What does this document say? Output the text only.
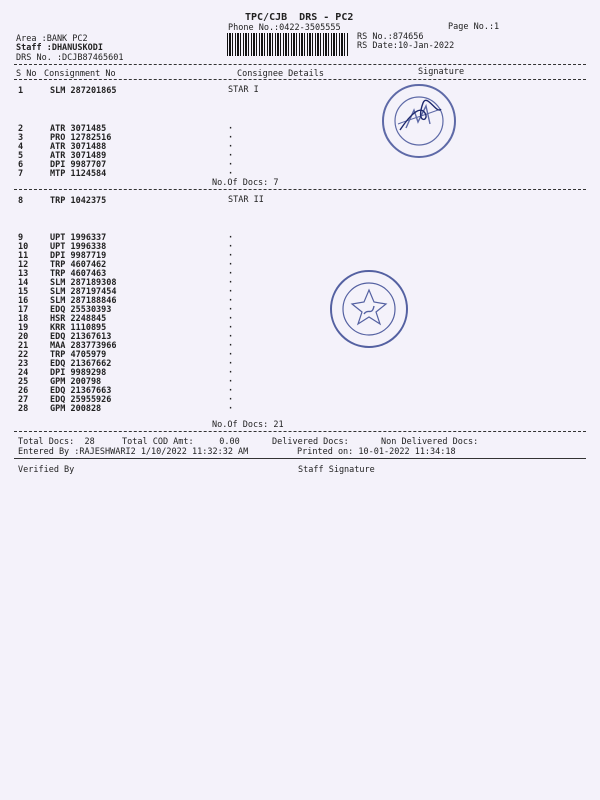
TPC/CJB  DRS - PC2
Phone No.:0422-3505555	Page No.:1
Area :BANK PC2
Staff :DHANUSKODI
RS No.:874656
RS Date:10-Jan-2022
DRS No. :DCJB87465601
S No Consignment No	Consignee Details	Signature
1	SLM 287201865	STAR I
2	ATR 3071485	·
3	PRO 12782516	·
4	ATR 3071488	·
5	ATR 3071489	·
6	DPI 9987707	·
7	MTP 1124584	·
No.Of Docs: 7
8	TRP 1042375	STAR II
9	UPT 1996337	·
10	UPT 1996338	·
11	DPI 9987719	·
12	TRP 4607462	·
13	TRP 4607463	·
14	SLM 287189308	·
15	SLM 287197454	·
16	SLM 287188846	·
17	EDQ 25530393	·
18	HSR 2248845	·
19	KRR 1110895	·
20	EDQ 21367613	·
21	MAA 283773966	·
22	TRP 4705979	·
23	EDQ 21367662	·
24	DPI 9989298	·
25	GPM 200798	·
26	EDQ 21367663	·
27	EDQ 25955926	·
28	GPM 200828	·
No.Of Docs: 21
Total Docs:  28	Total COD Amt:     0.00	Delivered Docs:	Non Delivered Docs:
Entered By :RAJESHWARI2 1/10/2022 11:32:32 AM	Printed on: 10-01-2022 11:34:18
Verified By	Staff Signature
